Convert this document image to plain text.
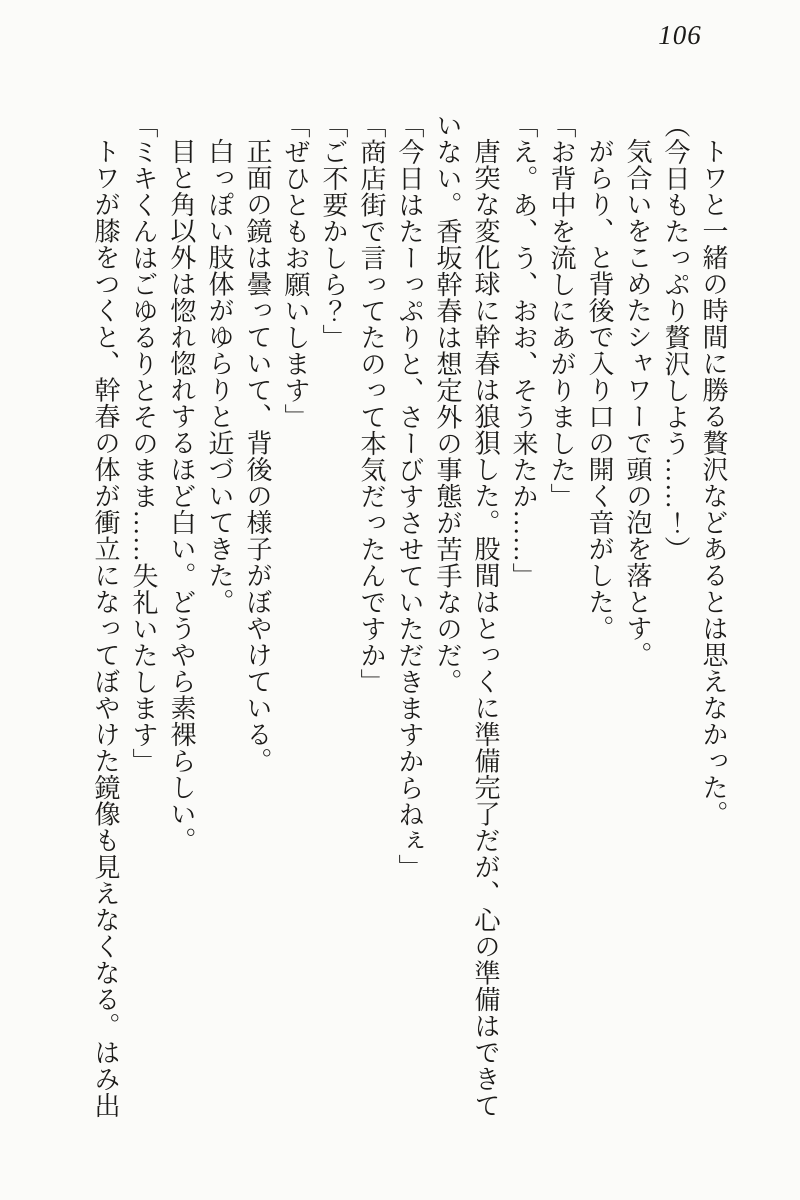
106

トワと一緒の時間に勝る贅沢などあるとは思えなかった。

（今日もたっぷり贅沢しよう……！）

気合いをこめたシャワーで頭の泡を落とす。

がらり、と背後で入り口の開く音がした。

「お背中を流しにあがりました」

「え。あ、う、おお、そう来たか……」

唐突な変化球に幹春は狼狽した。股間はとっくに準備完了だが、心の準備はできて

いない。香坂幹春は想定外の事態が苦手なのだ。

「今日はたーっぷりと、さーびすさせていただきますからねぇ」

「商店街で言ってたのって本気だったんですか」

「ご不要かしら？」

「ぜひともお願いします」

正面の鏡は曇っていて、背後の様子がぼやけている。

白っぽい肢体がゆらりと近づいてきた。

目と角以外は惚れ惚れするほど白い。どうやら素裸らしい。

「ミキくんはごゆるりとそのまま……失礼いたします」

トワが膝をつくと、幹春の体が衝立になってぼやけた鏡像も見えなくなる。はみ出
